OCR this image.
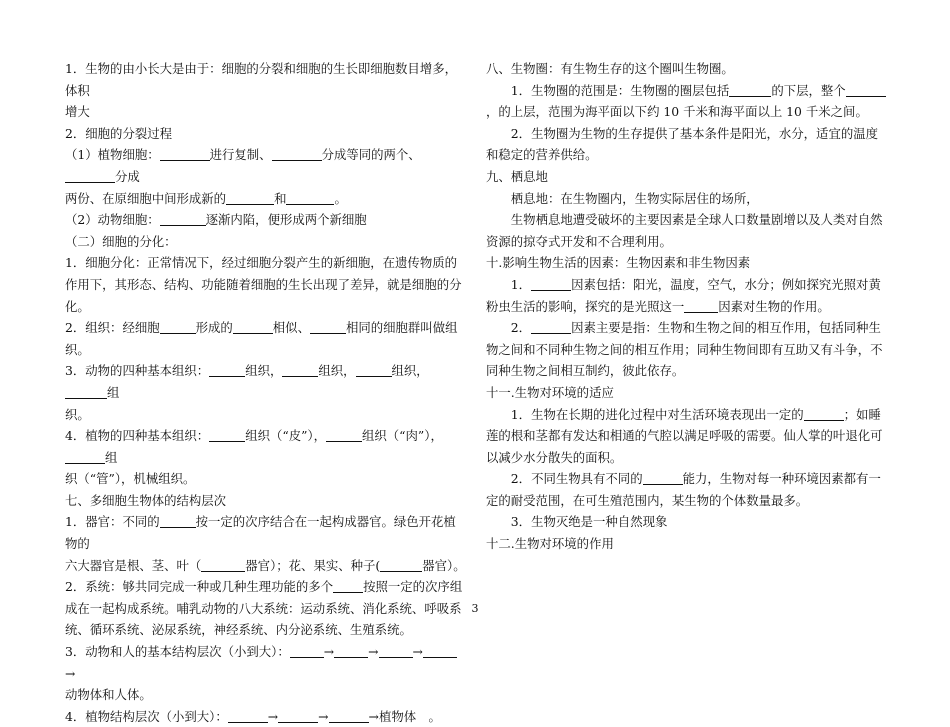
1．生物的由小长大是由于：细胞的分裂和细胞的生长即细胞数目增多，体积
增大

2．细胞的分裂过程

（1）植物细胞：	进行复制、	分成等同的两个、分成
两份、在原细胞中间形成新的	和	。

（2）动物细胞：	逐渐内陷，便形成两个新细胞

（二）细胞的分化：

1．细胞分化：正常情况下，经过细胞分裂产生的新细胞，在遗传物质的作用下，其形态、结构、功能随着细胞的生长出现了差异，就是细胞的分化。

2．组织：经细胞	形成的	相似、	相同的细胞群叫做组织。

3．动物的四种基本组织：	组织，	组织，	组织，组
织。

4．植物的四种基本组织：	组织（“皮”），	组织（“肉”），组
织（“管”），机械组织。

七、多细胞生物体的结构层次

1．器官：不同的	按一定的次序结合在一起构成器官。绿色开花植物的
六大器官是根、茎、叶（	器官）；花、果实、种子(	器官）。

2．系统：够共同完成一种或几种生理功能的多个 按照一定的次序组成在一起构成系统。哺乳动物的八大系统：运动系统、消化系统、呼吸系统、循环系统、泌尿系统，神经系统、内分泌系统、生殖系统。

3．动物和人的基本结构层次（小到大）：	→	→	→→
动物体和人体。

4．植物结构层次（小到大）：	→	→	→植物体　。

八、生物圈：有生物生存的这个圈叫生物圈。

1．生物圈的范围是：生物圈的圈层包括	的下层，整个，的上层，范围为海平面以下约 10 千米和海平面以上 10 千米之间。

2．生物圈为生物的生存提供了基本条件是阳光，水分，适宜的温度和稳定的营养供给。

九、栖息地

栖息地：在生物圈内，生物实际居住的场所，

生物栖息地遭受破坏的主要因素是全球人口数量剧增以及人类对自然资源的掠夺式开发和不合理利用。

十.影响生物生活的因素：生物因素和非生物因素

1．	因素包括：阳光，温度，空气，水分；例如探究光照对黄粉虫生活的影响，探究的是光照这一	因素对生物的作用。

2．	因素主要是指：生物和生物之间的相互作用，包括同种生物之间和不同种生物之间的相互作用；同种生物间即有互助又有斗争，不同种生物之间相互制约，彼此依存。

十一.生物对环境的适应

1．生物在长期的进化过程中对生活环境表现出一定的	；如睡莲的根和茎都有发达和相通的气腔以满足呼吸的需要。仙人掌的叶退化可以减少水分散失的面积。

2．不同生物具有不同的	能力，生物对每一种环境因素都有一定的耐受范围，在可生殖范围内，某生物的个体数量最多。

3．生物灭绝是一种自然现象

十二.生物对环境的作用

3
